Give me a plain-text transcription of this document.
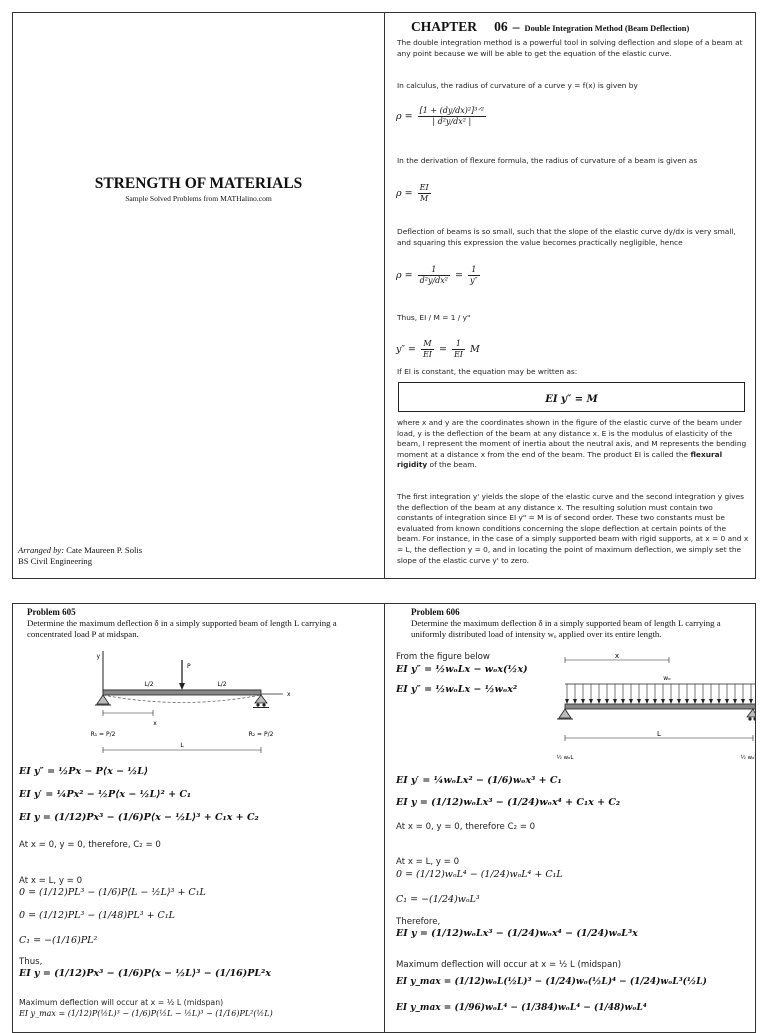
STRENGTH OF MATERIALS
Sample Solved Problems from MATHalino.com
Arranged by: Cate Maureen P. Solis
BS Civil Engineering
CHAPTER 06 – Double Integration Method (Beam Deflection)
The double integration method is a powerful tool in solving deflection and slope of a beam at any point because we will be able to get the equation of the elastic curve.
In calculus, the radius of curvature of a curve y = f(x) is given by
$\rho = \frac{\text{[1 + (dy/dx)²]³ᐟ²}}{\text{| d²y/dx² |}}$
In the derivation of flexure formula, the radius of curvature of a beam is given as
$\rho = \frac{EI}{M}$
Deflection of beams is so small, such that the slope of the elastic curve dy/dx is very small, and squaring this expression the value becomes practically negligible, hence
$\rho = \frac{1}{\text{d²y/dx²}} = \frac{1}{y''}$
Thus, EI / M = 1 / y"
$y'' = \frac{M}{EI} = \frac{1}{EI}$ M
If EI is constant, the equation may be written as:
EI y″ = M
where x and y are the coordinates shown in the figure of the elastic curve of the beam under load, y is the deflection of the beam at any distance x. E is the modulus of elasticity of the beam, I represent the moment of inertia about the neutral axis, and M represents the bending moment at a distance x from the end of the beam. The product EI is called the flexural rigidity of the beam.
The first integration y' yields the slope of the elastic curve and the second integration y gives the deflection of the beam at any distance x. The resulting solution must contain two constants of integration since EI y" = M is of second order. These two constants must be evaluated from known conditions concerning the slope deflection at certain points of the beam. For instance, in the case of a simply supported beam with rigid supports, at x = 0 and x = L, the deflection y = 0, and in locating the point of maximum deflection, we simply set the slope of the elastic curve y' to zero.
Problem 605
Determine the maximum deflection δ in a simply supported beam of length L carrying a concentrated load P at midspan.
y
P
L/2	L/2
x
x
R₁ = P/2	R₂ = P/2
L
EI y″ = ½Px − P⟨x − ½L⟩
EI y′ = ¼Px² − ½P⟨x − ½L⟩² + C₁
EI y = (1/12)Px³ − (1/6)P⟨x − ½L⟩³ + C₁x + C₂
At x = 0, y = 0, therefore, C₂ = 0
At x = L, y = 0
0 = (1/12)PL³ − (1/6)P⟨L − ½L⟩³ + C₁L
0 = (1/12)PL³ − (1/48)PL³ + C₁L
C₁ = −(1/16)PL²
Thus,
EI y = (1/12)Px³ − (1/6)P⟨x − ½L⟩³ − (1/16)PL²x
Maximum deflection will occur at x = ½ L (midspan)
EI y_max = (1/12)P(½L)³ − (1/6)P(½L − ½L)³ − (1/16)PL²(½L)
Problem 606
Determine the maximum deflection δ in a simply supported beam of length L carrying a uniformly distributed load of intensity wₒ applied over its entire length.
From the figure below
EI y″ = ½wₒLx − wₒx(½x)
EI y″ = ½wₒLx − ½wₒx²
x
wₒ
L
½ wₒL	½ wₒL
EI y′ = ¼wₒLx² − (1/6)wₒx³ + C₁
EI y = (1/12)wₒLx³ − (1/24)wₒx⁴ + C₁x + C₂
At x = 0, y = 0, therefore C₂ = 0
At x = L, y = 0
0 = (1/12)wₒL⁴ − (1/24)wₒL⁴ + C₁L
C₁ = −(1/24)wₒL³
Therefore,
EI y = (1/12)wₒLx³ − (1/24)wₒx⁴ − (1/24)wₒL³x
Maximum deflection will occur at x = ½ L (midspan)
EI y_max = (1/12)wₒL(½L)³ − (1/24)wₒ(½L)⁴ − (1/24)wₒL³(½L)
EI y_max = (1/96)wₒL⁴ − (1/384)wₒL⁴ − (1/48)wₒL⁴
